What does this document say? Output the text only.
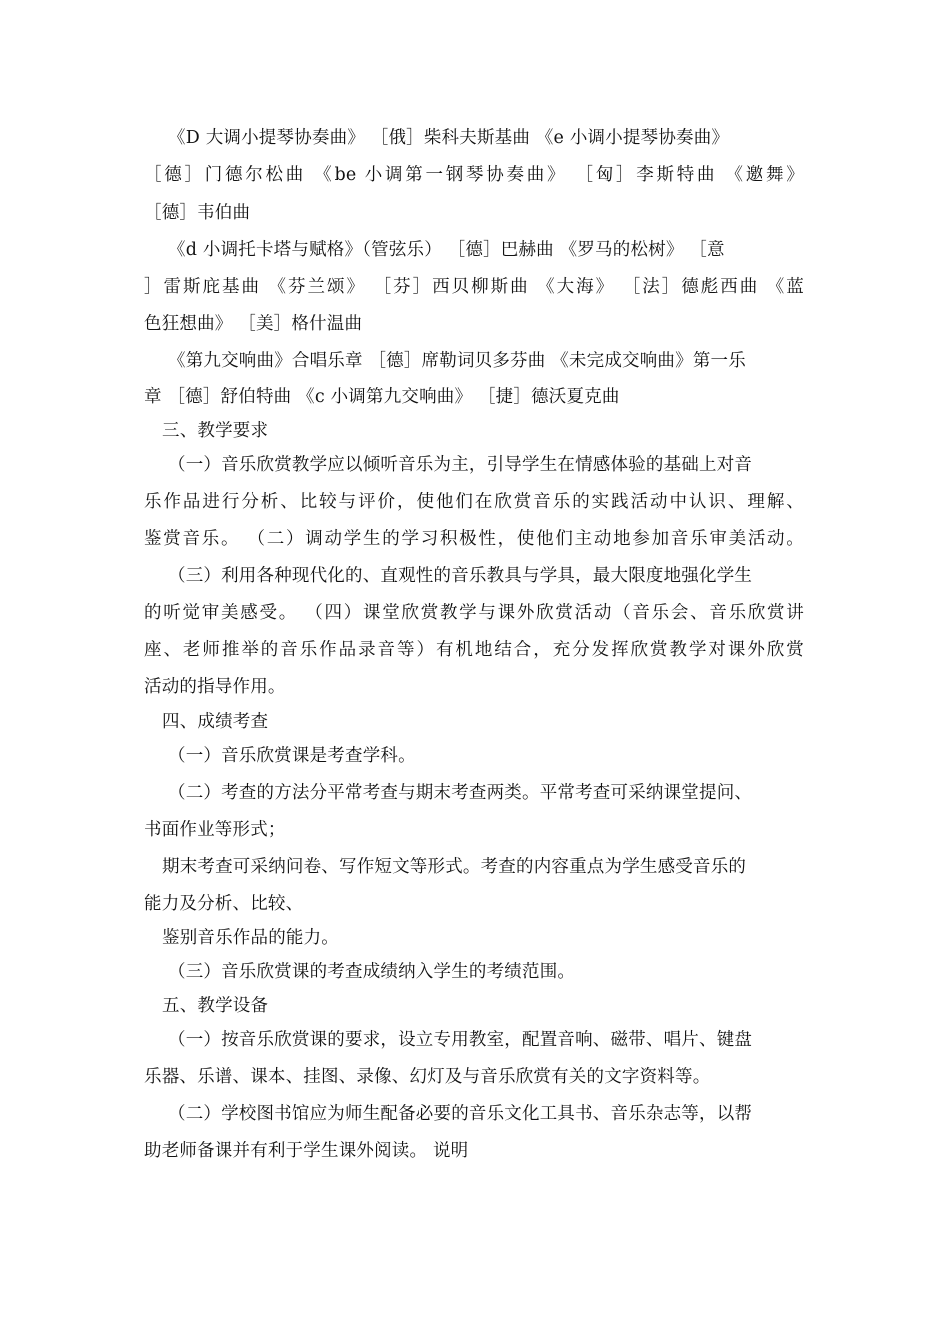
《D 大调小提琴协奏曲》 ［俄］柴科夫斯基曲 《e 小调小提琴协奏曲》
［德］门德尔松曲 《be 小调第一钢琴协奏曲》 ［匈］李斯特曲 《邀舞》
［德］韦伯曲
《d 小调托卡塔与赋格》（管弦乐） ［德］巴赫曲 《罗马的松树》 ［意
］雷斯庇基曲 《芬兰颂》 ［芬］西贝柳斯曲 《大海》 ［法］德彪西曲 《蓝
色狂想曲》 ［美］格什温曲
《第九交响曲》合唱乐章 ［德］席勒词贝多芬曲 《未完成交响曲》第一乐
章 ［德］舒伯特曲 《c 小调第九交响曲》 ［捷］德沃夏克曲
三、教学要求
（一）音乐欣赏教学应以倾听音乐为主，引导学生在情感体验的基础上对音
乐作品进行分析、比较与评价，使他们在欣赏音乐的实践活动中认识、理解、
鉴赏音乐。 （二）调动学生的学习积极性，使他们主动地参加音乐审美活动。
（三）利用各种现代化的、直观性的音乐教具与学具，最大限度地强化学生
的听觉审美感受。 （四）课堂欣赏教学与课外欣赏活动（音乐会、音乐欣赏讲
座、老师推举的音乐作品录音等）有机地结合，充分发挥欣赏教学对课外欣赏
活动的指导作用。
四、成绩考查
（一）音乐欣赏课是考查学科。
（二）考查的方法分平常考查与期末考查两类。平常考查可采纳课堂提问、
书面作业等形式；
期末考查可采纳问卷、写作短文等形式。考查的内容重点为学生感受音乐的
能力及分析、比较、
鉴别音乐作品的能力。
（三）音乐欣赏课的考查成绩纳入学生的考绩范围。
五、教学设备
（一）按音乐欣赏课的要求，设立专用教室，配置音响、磁带、唱片、键盘
乐器、乐谱、课本、挂图、录像、幻灯及与音乐欣赏有关的文字资料等。
（二）学校图书馆应为师生配备必要的音乐文化工具书、音乐杂志等，以帮
助老师备课并有利于学生课外阅读。 说明
